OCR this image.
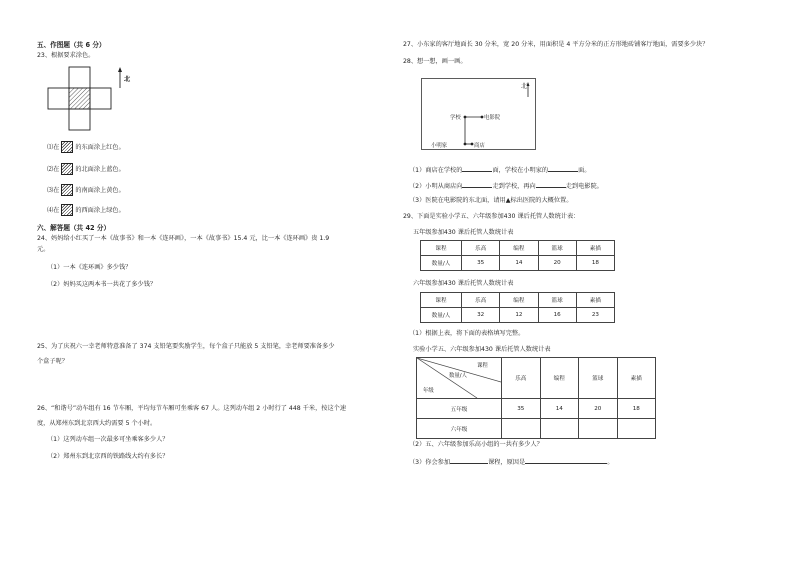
五、作图题（共 6 分）
23、根据要求涂色。
北
⑴在	的东面涂上红色。
⑵在	的北面涂上蓝色。
⑶在	的南面涂上黄色。
⑷在	的西面涂上绿色。
六、解答题（共 42 分）
24、妈妈给小红买了一本《故事书》和一本《连环画》，一本《故事书》15.4 元，比一本《连环画》贵 1.9
元。
（1）一本《连环画》多少钱？
（2）妈妈买这两本书一共花了多少钱？
25、为了庆祝六一幸老师特意准备了 374 支铅笔要奖励学生，每个盒子只能放 5 支铅笔，幸老师要准备多少
个盒子呢？
26、“和谐号”动车组有 16 节车厢，平均每节车厢可坐乘客 67 人。这列动车组 2 小时行了 448 千米，按这个速
度，从郑州东到北京西大约需要 5 个小时。
（1）这列动车组一次最多可坐乘客多少人？
（2）郑州东到北京西的铁路线大约有多长？
27、小东家的客厅地面长 30 分米，宽 20 分米，用面积是 4 平方分米的正方形地砖铺客厅地面，需要多少块？
28、想一想，画一画。
北
学校	电影院
小明家	商店
（1）商店在学校的	面，学校在小明家的	面。
（2）小明从商店向	走到学校，再向	走到电影院。
（3）医院在电影院的东北面，请用▲标出医院的大概位置。
29、下面是实验小学五、六年级参加430 课后托管人数统计表：
五年级参加430 课后托管人数统计表
课程	乐高	编程	篮球	素描
数量/人	35	14	20	18
六年级参加430 课后托管人数统计表
课程	乐高	编程	篮球	素描
数量/人	32	12	16	23
（1）根据上表，将下面的表格填写完整。
实验小学五、六年级参加430 课后托管人数统计表
课程
数量/人
年级	乐高	编程	篮球	素描
五年级	35	14	20	18
六年级				
（2）五、六年级参加乐高小组的一共有多少人？
（3）你会参加	课程，原因是	。
